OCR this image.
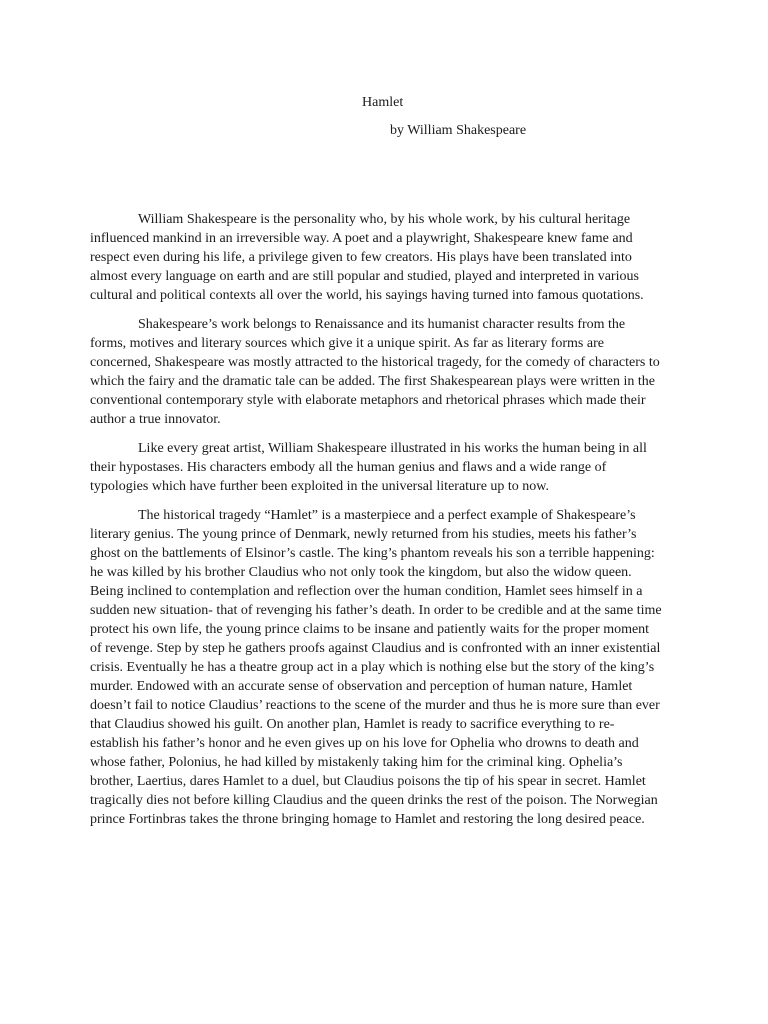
Hamlet
by William Shakespeare

William Shakespeare is the personality who, by his whole work, by his cultural heritage influenced mankind in an irreversible way. A poet and a playwright, Shakespeare knew fame and respect even during his life, a privilege given to few creators. His plays have been translated into almost every language on earth and are still popular and studied, played and interpreted in various cultural and political contexts all over the world, his sayings having turned into famous quotations.

Shakespeare’s work belongs to Renaissance and its humanist character results from the forms, motives and literary sources which give it a unique spirit. As far as literary forms are concerned, Shakespeare was mostly attracted to the historical tragedy, for the comedy of characters to which the fairy and the dramatic tale can be added. The first Shakespearean plays were written in the conventional contemporary style with elaborate metaphors and rhetorical phrases which made their author a true innovator.

Like every great artist, William Shakespeare illustrated in his works the human being in all their hypostases. His characters embody all the human genius and flaws and a wide range of typologies which have further been exploited in the universal literature up to now.

The historical tragedy “Hamlet” is a masterpiece and a perfect example of Shakespeare’s literary genius. The young prince of Denmark, newly returned from his studies, meets his father’s ghost on the battlements of Elsinor’s castle. The king’s phantom reveals his son a terrible happening: he was killed by his brother Claudius who not only took the kingdom, but also the widow queen. Being inclined to contemplation and reflection over the human condition, Hamlet sees himself in a sudden new situation- that of revenging his father’s death. In order to be credible and at the same time protect his own life, the young prince claims to be insane and patiently waits for the proper moment of revenge. Step by step he gathers proofs against Claudius and is confronted with an inner existential crisis. Eventually he has a theatre group act in a play which is nothing else but the story of the king’s murder. Endowed with an accurate sense of observation and perception of human nature, Hamlet doesn’t fail to notice Claudius’ reactions to the scene of the murder and thus he is more sure than ever that Claudius showed his guilt. On another plan, Hamlet is ready to sacrifice everything to re-establish his father’s honor and he even gives up on his love for Ophelia who drowns to death and whose father, Polonius, he had killed by mistakenly taking him for the criminal king. Ophelia’s brother, Laertius, dares Hamlet to a duel, but Claudius poisons the tip of his spear in secret. Hamlet tragically dies not before killing Claudius and the queen drinks the rest of the poison. The Norwegian prince Fortinbras takes the throne bringing homage to Hamlet and restoring the long desired peace.
